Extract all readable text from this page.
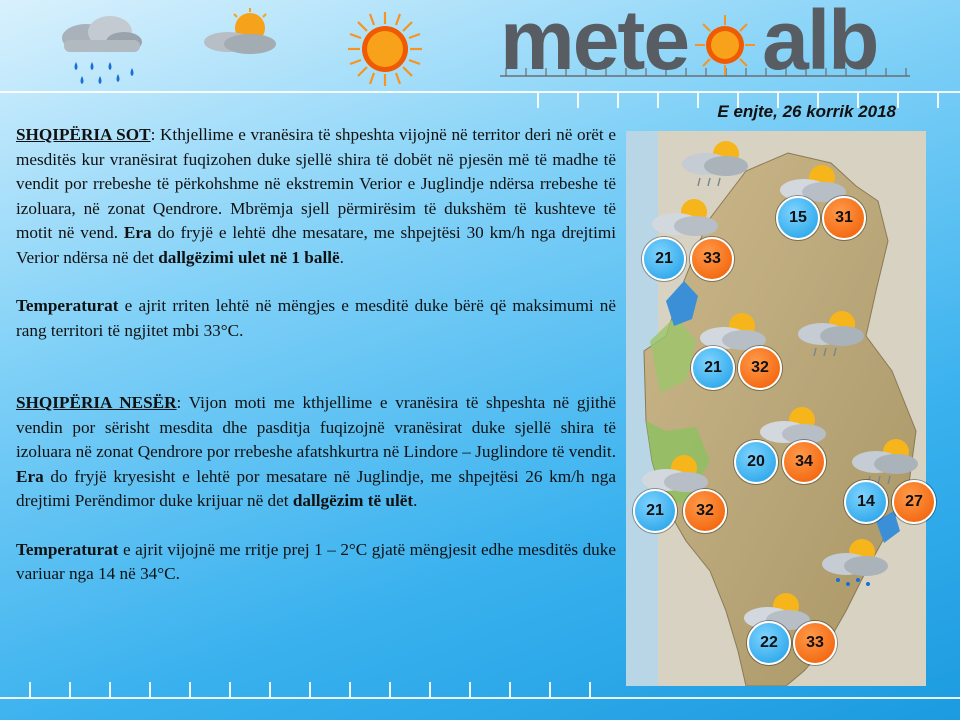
mete alb
E enjte, 26 korrik 2018

SHQIPËRIA SOT: Kthjellime e vranësira të shpeshta vijojnë në territor deri në orët e mesditës kur vranësirat fuqizohen duke sjellë shira të dobët në pjesën më të madhe të vendit por rrebeshe të përkohshme në ekstremin Verior e Juglindje ndërsa rrebeshe të izoluara, në zonat Qendrore. Mbrëmja sjell përmirësim të dukshëm të kushteve të motit në vend. Era do fryjë e lehtë dhe mesatare, me shpejtësi 30 km/h nga drejtimi Verior ndërsa në det dallgëzimi ulet në 1 ballë.

Temperaturat e ajrit rriten lehtë në mëngjes e mesditë duke bërë që maksimumi në rang territori të ngjitet mbi 33°C.

SHQIPËRIA NESËR: Vijon moti me kthjellime e vranësira të shpeshta në gjithë vendin por sërisht mesdita dhe pasditja fuqizojnë vranësirat duke sjellë shira të izoluara në zonat Qendrore por rrebeshe afatshkurtra në Lindore – Juglindore të vendit. Era do fryjë kryesisht e lehtë por mesatare në Juglindje, me shpejtësi 26 km/h nga drejtimi Perëndimor duke krijuar në det dallgëzim të ulët.

Temperaturat e ajrit vijojnë me rritje prej 1 – 2°C gjatë mëngjesit edhe mesditës duke variuar nga 14 në 34°C.

15	31
21	33
21	32
20	34
14	27
21	32
22	33
